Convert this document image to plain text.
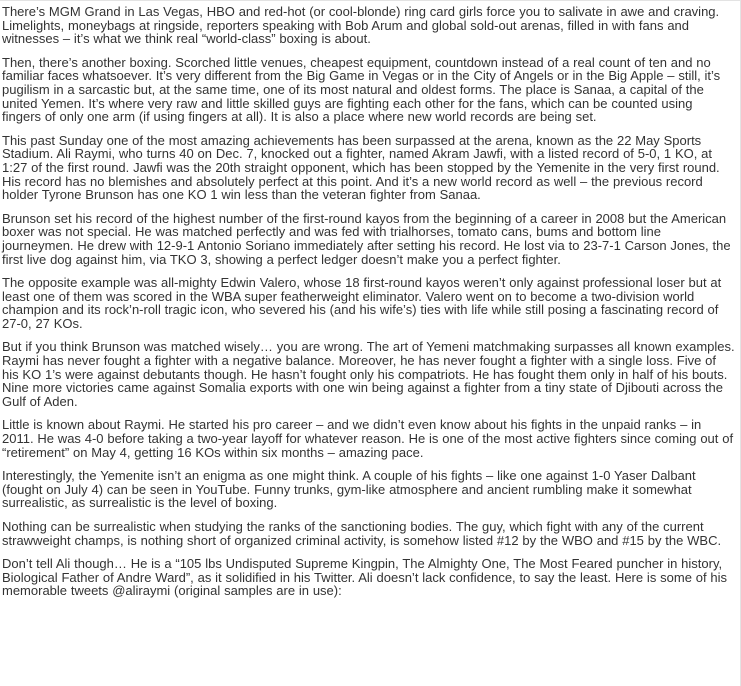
There’s MGM Grand in Las Vegas, HBO and red-hot (or cool-blonde) ring card girls force you to salivate in awe and craving. Limelights, moneybags at ringside, reporters speaking with Bob Arum and global sold-out arenas, filled in with fans and witnesses – it’s what we think real “world-class” boxing is about.

Then, there’s another boxing. Scorched little venues, cheapest equipment, countdown instead of a real count of ten and no familiar faces whatsoever. It’s very different from the Big Game in Vegas or in the City of Angels or in the Big Apple – still, it’s pugilism in a sarcastic but, at the same time, one of its most natural and oldest forms. The place is Sanaa, a capital of the united Yemen. It’s where very raw and little skilled guys are fighting each other for the fans, which can be counted using fingers of only one arm (if using fingers at all). It is also a place where new world records are being set.

This past Sunday one of the most amazing achievements has been surpassed at the arena, known as the 22 May Sports Stadium. Ali Raymi, who turns 40 on Dec. 7, knocked out a fighter, named Akram Jawfi, with a listed record of 5-0, 1 KO, at 1:27 of the first round. Jawfi was the 20th straight opponent, which has been stopped by the Yemenite in the very first round. His record has no blemishes and absolutely perfect at this point. And it’s a new world record as well – the previous record holder Tyrone Brunson has one KO 1 win less than the veteran fighter from Sanaa.

Brunson set his record of the highest number of the first-round kayos from the beginning of a career in 2008 but the American boxer was not special. He was matched perfectly and was fed with trialhorses, tomato cans, bums and bottom line journeymen. He drew with 12-9-1 Antonio Soriano immediately after setting his record. He lost via to 23-7-1 Carson Jones, the first live dog against him, via TKO 3, showing a perfect ledger doesn’t make you a perfect fighter.

The opposite example was all-mighty Edwin Valero, whose 18 first-round kayos weren’t only against professional loser but at least one of them was scored in the WBA super featherweight eliminator. Valero went on to become a two-division world champion and its rock’n-roll tragic icon, who severed his (and his wife’s) ties with life while still posing a fascinating record of 27-0, 27 KOs.

But if you think Brunson was matched wisely… you are wrong. The art of Yemeni matchmaking surpasses all known examples. Raymi has never fought a fighter with a negative balance. Moreover, he has never fought a fighter with a single loss. Five of his KO 1’s were against debutants though. He hasn’t fought only his compatriots. He has fought them only in half of his bouts. Nine more victories came against Somalia exports with one win being against a fighter from a tiny state of Djibouti across the Gulf of Aden.

Little is known about Raymi. He started his pro career – and we didn’t even know about his fights in the unpaid ranks – in 2011. He was 4-0 before taking a two-year layoff for whatever reason. He is one of the most active fighters since coming out of “retirement” on May 4, getting 16 KOs within six months – amazing pace.

Interestingly, the Yemenite isn’t an enigma as one might think. A couple of his fights – like one against 1-0 Yaser Dalbant (fought on July 4) can be seen in YouTube. Funny trunks, gym-like atmosphere and ancient rumbling make it somewhat surrealistic, as surrealistic is the level of boxing.

Nothing can be surrealistic when studying the ranks of the sanctioning bodies. The guy, which fight with any of the current strawweight champs, is nothing short of organized criminal activity, is somehow listed #12 by the WBO and #15 by the WBC.

Don’t tell Ali though… He is a “105 lbs Undisputed Supreme Kingpin, The Almighty One, The Most Feared puncher in history, Biological Father of Andre Ward”, as it solidified in his Twitter. Ali doesn’t lack confidence, to say the least. Here is some of his memorable tweets @aliraymi (original samples are in use):
